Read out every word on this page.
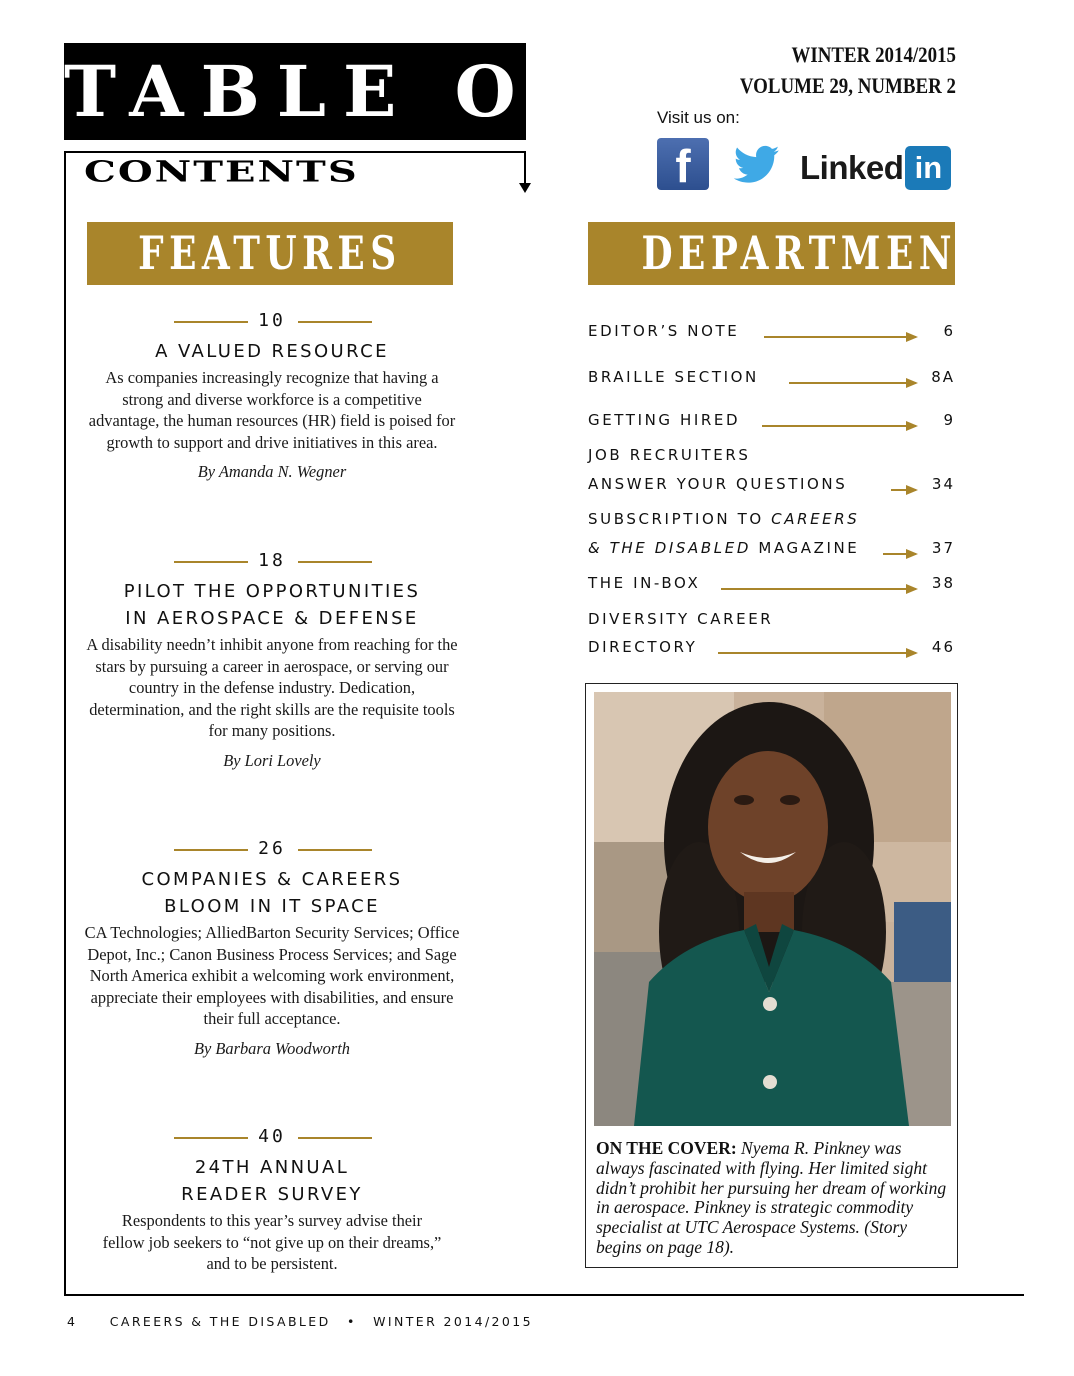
TABLE OF
CONTENTS
WINTER 2014/2015
VOLUME 29, NUMBER 2
Visit us on:
f	Linked in
FEATURES	DEPARTMENTS
10
A VALUED RESOURCE
As companies increasingly recognize that having a strong and diverse workforce is a competitive advantage, the human resources (HR) field is poised for growth to support and drive initiatives in this area.
By Amanda N. Wegner
18
PILOT THE OPPORTUNITIES
IN AEROSPACE & DEFENSE
A disability needn’t inhibit anyone from reaching for the stars by pursuing a career in aerospace, or serving our country in the defense industry. Dedication, determination, and the right skills are the requisite tools for many positions.
By Lori Lovely
26
COMPANIES & CAREERS
BLOOM IN IT SPACE
CA Technologies; AlliedBarton Security Services; Office Depot, Inc.; Canon Business Process Services; and Sage North America exhibit a welcoming work environment, appreciate their employees with disabilities, and ensure their full acceptance.
By Barbara Woodworth
40
24TH ANNUAL
READER SURVEY
Respondents to this year’s survey advise their fellow job seekers to “not give up on their dreams,” and to be persistent.
EDITOR’S NOTE	6
BRAILLE SECTION	8A
GETTING HIRED	9
JOB RECRUITERS
ANSWER YOUR QUESTIONS	34
SUBSCRIPTION TO CAREERS
& THE DISABLED MAGAZINE	37
THE IN-BOX	38
DIVERSITY CAREER
DIRECTORY	46
ON THE COVER: Nyema R. Pinkney was always fascinated with flying. Her limited sight didn’t prohibit her pursuing her dream of working in aerospace. Pinkney is strategic commodity specialist at UTC Aerospace Systems. (Story begins on page 18).
4	CAREERS & THE DISABLED • WINTER 2014/2015
